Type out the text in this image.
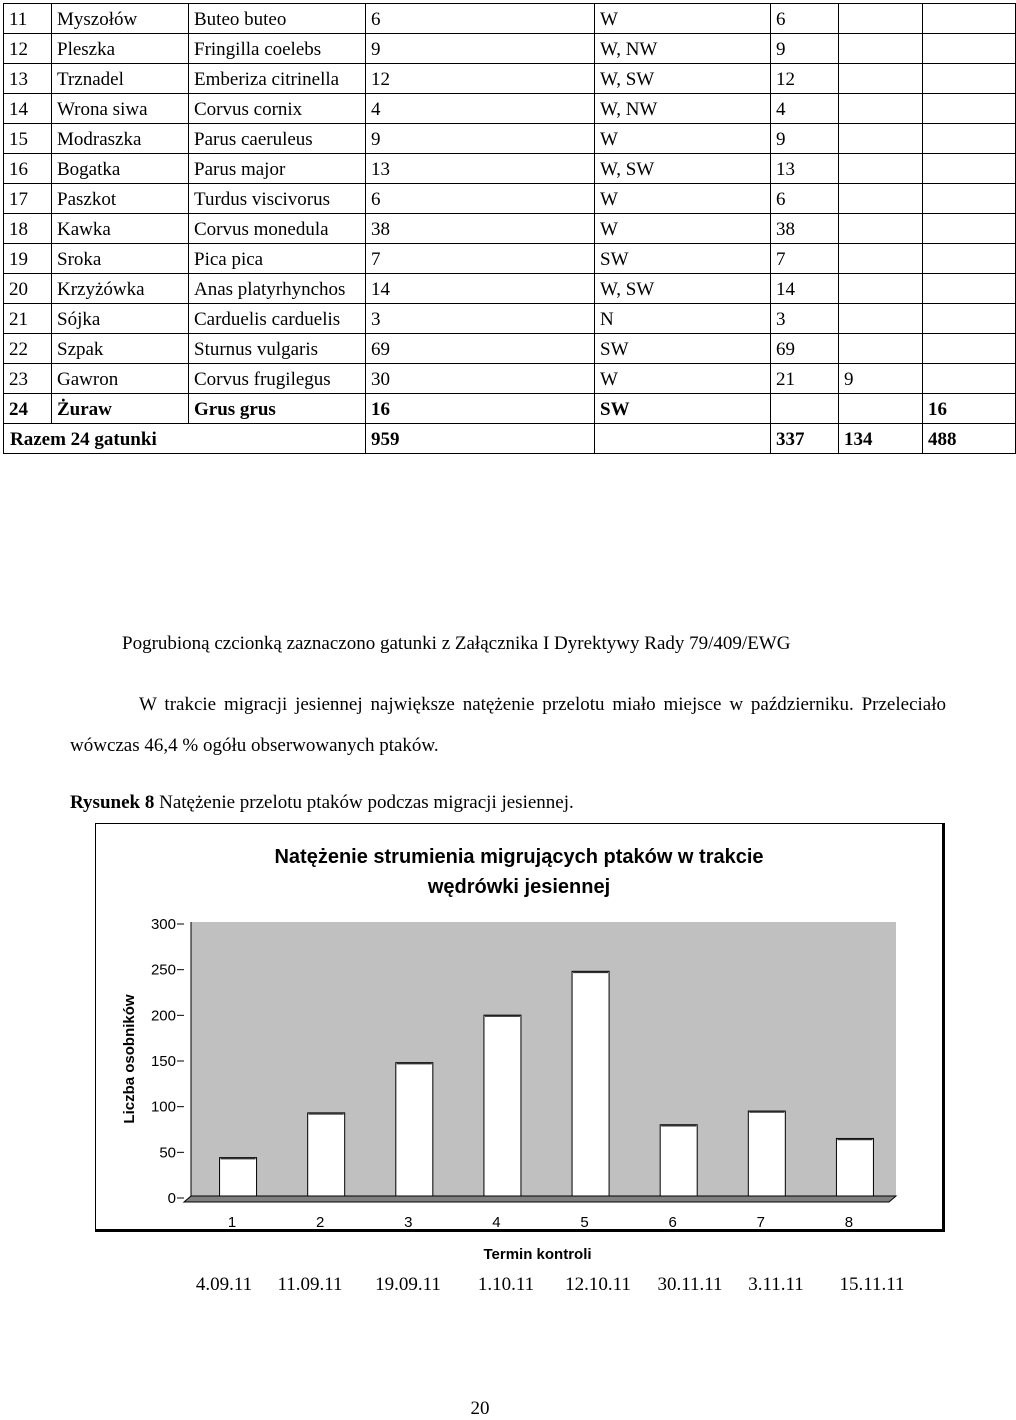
11	Myszołów	Buteo buteo	6	W	6		
12	Pleszka	Fringilla coelebs	9	W, NW	9		
13	Trznadel	Emberiza citrinella	12	W, SW	12		
14	Wrona siwa	Corvus cornix	4	W, NW	4		
15	Modraszka	Parus caeruleus	9	W	9		
16	Bogatka	Parus major	13	W, SW	13		
17	Paszkot	Turdus viscivorus	6	W	6		
18	Kawka	Corvus monedula	38	W	38		
19	Sroka	Pica pica	7	SW	7		
20	Krzyżówka	Anas platyrhynchos	14	W, SW	14		
21	Sójka	Carduelis carduelis	3	N	3		
22	Szpak	Sturnus vulgaris	69	SW	69		
23	Gawron	Corvus frugilegus	30	W	21	9	
24	Żuraw	Grus grus	16	SW			16
Razem 24 gatunki			959		337	134	488
Pogrubioną czcionką zaznaczono gatunki z Załącznika I Dyrektywy Rady 79/409/EWG
W trakcie migracji jesiennej największe natężenie przelotu miało miejsce w październiku. Przeleciało wówczas 46,4 % ogółu obserwowanych ptaków.
Rysunek 8 Natężenie przelotu ptaków podczas migracji jesiennej.
Natężenie strumienia migrujących ptaków w trakcie
wędrówki jesiennej
0
50
100
150
200
250
300
Liczba osobników
1	2	3	4	5	6	7	8
Termin kontroli
4.09.11	11.09.11	19.09.11	1.10.11	12.10.11	30.11.11	3.11.11	15.11.11
20
